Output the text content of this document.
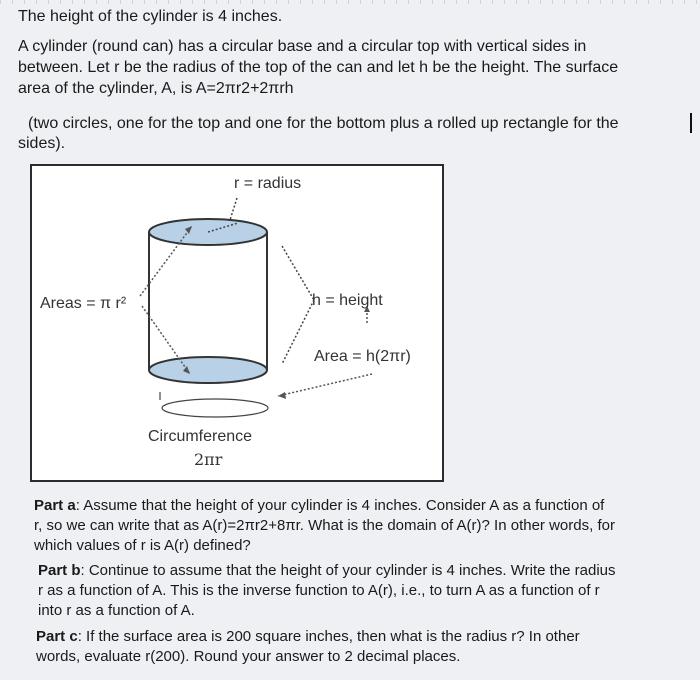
The height of the cylinder is 4 inches.
A cylinder (round can) has a circular base and a circular top with vertical sides in
between. Let r be the radius of the top of the can and let h be the height. The surface
area of the cylinder, A, is A=2πr2+2πrh
(two circles, one for the top and one for the bottom plus a rolled up rectangle for the
sides).
r = radius
Areas = π r²	h = height
Area = h(2πr)
Circumference
2πr
Part a: Assume that the height of your cylinder is 4 inches. Consider A as a function of
r, so we can write that as A(r)=2πr2+8πr. What is the domain of A(r)? In other words, for
which values of r is A(r) defined?
Part b: Continue to assume that the height of your cylinder is 4 inches. Write the radius
r as a function of A. This is the inverse function to A(r), i.e., to turn A as a function of r
into r as a function of A.
Part c: If the surface area is 200 square inches, then what is the radius r? In other
words, evaluate r(200). Round your answer to 2 decimal places.
